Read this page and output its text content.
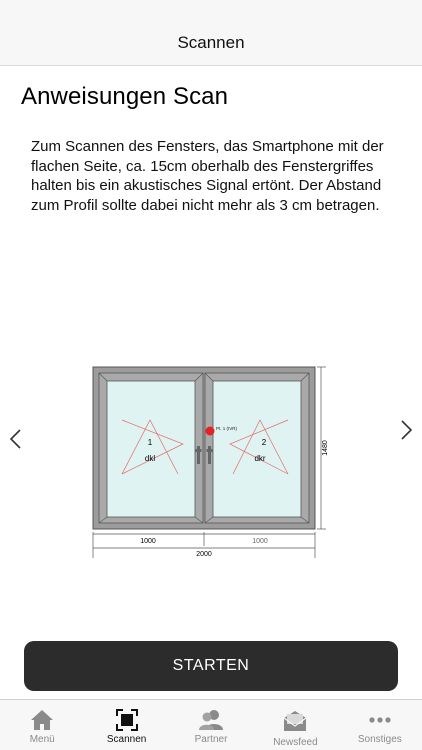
Scannen
Anweisungen Scan

Zum Scannen des Fensters, das Smartphone mit der flachen Seite, ca. 15cm oberhalb des Fenstergriffes halten bis ein akustisches Signal ertönt. Der Abstand zum Profil sollte dabei nicht mehr als 3 cm betragen.

1
dkl
2
dkr
Pt. 1 (IVR)
1480
1000	1000
2000
STARTEN
Menü	Scannen	Partner	Newsfeed	Sonstiges
